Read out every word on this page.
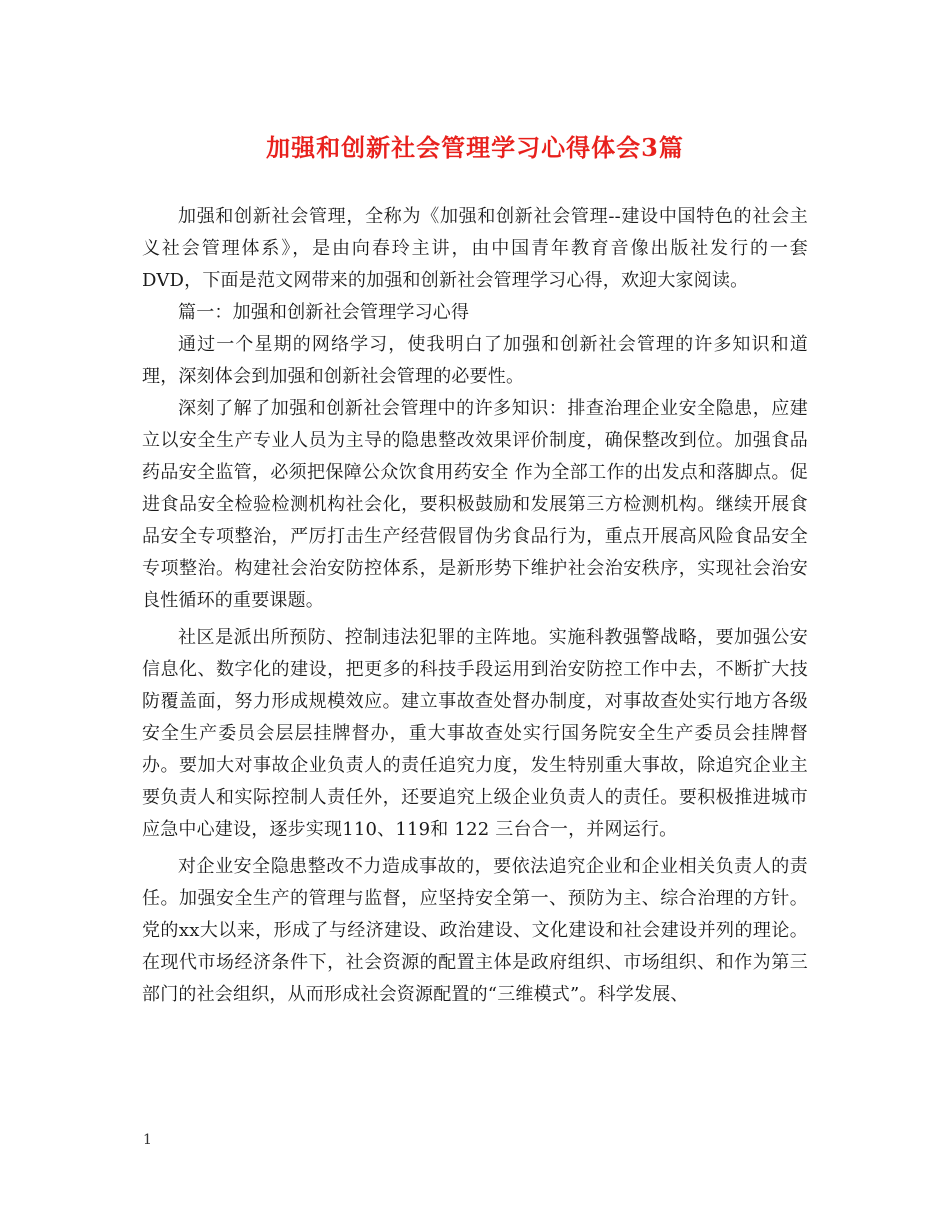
加强和创新社会管理学习心得体会3篇

加强和创新社会管理，全称为《加强和创新社会管理--建设中国特色的社会主义社会管理体系》，是由向春玲主讲，由中国青年教育音像出版社发行的一套DVD，下面是范文网带来的加强和创新社会管理学习心得，欢迎大家阅读。

篇一：加强和创新社会管理学习心得

通过一个星期的网络学习，使我明白了加强和创新社会管理的许多知识和道理，深刻体会到加强和创新社会管理的必要性。

深刻了解了加强和创新社会管理中的许多知识：排查治理企业安全隐患，应建立以安全生产专业人员为主导的隐患整改效果评价制度，确保整改到位。加强食品药品安全监管，必须把保障公众饮食用药安全 作为全部工作的出发点和落脚点。促进食品安全检验检测机构社会化，要积极鼓励和发展第三方检测机构。继续开展食品安全专项整治，严厉打击生产经营假冒伪劣食品行为，重点开展高风险食品安全专项整治。构建社会治安防控体系，是新形势下维护社会治安秩序，实现社会治安良性循环的重要课题。

社区是派出所预防、控制违法犯罪的主阵地。实施科教强警战略，要加强公安信息化、数字化的建设，把更多的科技手段运用到治安防控工作中去，不断扩大技防覆盖面，努力形成规模效应。建立事故查处督办制度，对事故查处实行地方各级安全生产委员会层层挂牌督办，重大事故查处实行国务院安全生产委员会挂牌督办。要加大对事故企业负责人的责任追究力度，发生特别重大事故，除追究企业主要负责人和实际控制人责任外，还要追究上级企业负责人的责任。要积极推进城市应急中心建设，逐步实现110、119和 122 三台合一，并网运行。

对企业安全隐患整改不力造成事故的，要依法追究企业和企业相关负责人的责任。加强安全生产的管理与监督，应坚持安全第一、预防为主、综合治理的方针。党的xx大以来，形成了与经济建设、政治建设、文化建设和社会建设并列的理论。在现代市场经济条件下，社会资源的配置主体是政府组织、市场组织、和作为第三部门的社会组织，从而形成社会资源配置的“三维模式”。科学发展、

1
